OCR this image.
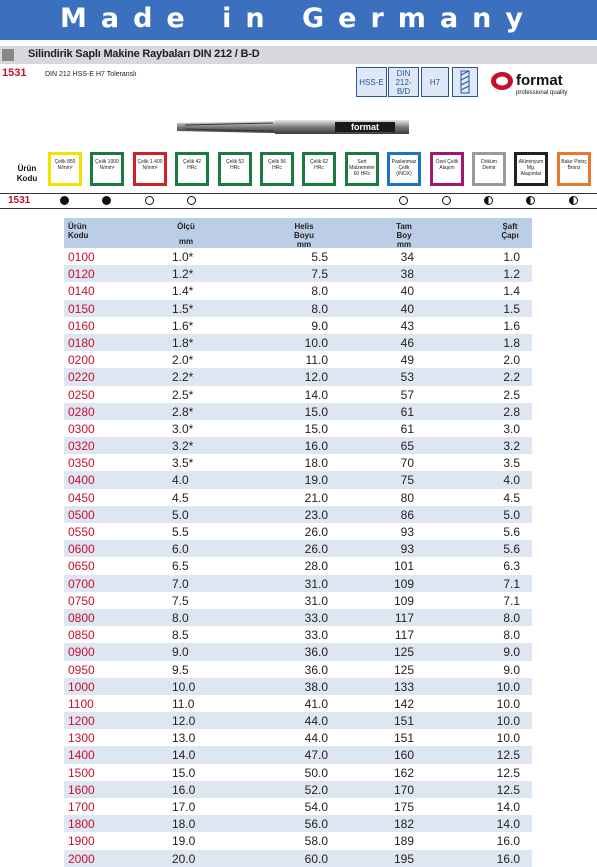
Made in Germany
Silindirik Saplı Makine Raybaları DIN 212 / B-D
1531	DIN 212 HSS-E H7 Toleranslı
HSS-E
DIN 212-B/D
H7	format
professional quality
format
Ürün Kodu
Çelik 850 N/mm²
Çelik 1000 N/mm²
Çelik 1.400 N/mm²
Çelik 42 HRc
Çelik 52 HRc
Çelik 56 HRc
Çelik 62 HRc
Sert Malzemeler 60 HRc
Paslanmaz Çelik (INOX)
Özel Çelik Alaşım
Döküm Demir
Alüminyum Mg. Alaşımlar
Bakır Pirinç Bronz
1531
Ürün Kodu
Ölçü
mm
Helis Boyu
mm
Tam Boy
mm
Şaft Çapı
0100	1.0*	5.5	34	1.0
0120	1.2*	7.5	38	1.2
0140	1.4*	8.0	40	1.4
0150	1.5*	8.0	40	1.5
0160	1.6*	9.0	43	1.6
0180	1.8*	10.0	46	1.8
0200	2.0*	11.0	49	2.0
0220	2.2*	12.0	53	2.2
0250	2.5*	14.0	57	2.5
0280	2.8*	15.0	61	2.8
0300	3.0*	15.0	61	3.0
0320	3.2*	16.0	65	3.2
0350	3.5*	18.0	70	3.5
0400	4.0	19.0	75	4.0
0450	4.5	21.0	80	4.5
0500	5.0	23.0	86	5.0
0550	5.5	26.0	93	5.6
0600	6.0	26.0	93	5.6
0650	6.5	28.0	101	6.3
0700	7.0	31.0	109	7.1
0750	7.5	31.0	109	7.1
0800	8.0	33.0	117	8.0
0850	8.5	33.0	117	8.0
0900	9.0	36.0	125	9.0
0950	9.5	36.0	125	9.0
1000	10.0	38.0	133	10.0
1100	11.0	41.0	142	10.0
1200	12.0	44.0	151	10.0
1300	13.0	44.0	151	10.0
1400	14.0	47.0	160	12.5
1500	15.0	50.0	162	12.5
1600	16.0	52.0	170	12.5
1700	17.0	54.0	175	14.0
1800	18.0	56.0	182	14.0
1900	19.0	58.0	189	16.0
2000	20.0	60.0	195	16.0
